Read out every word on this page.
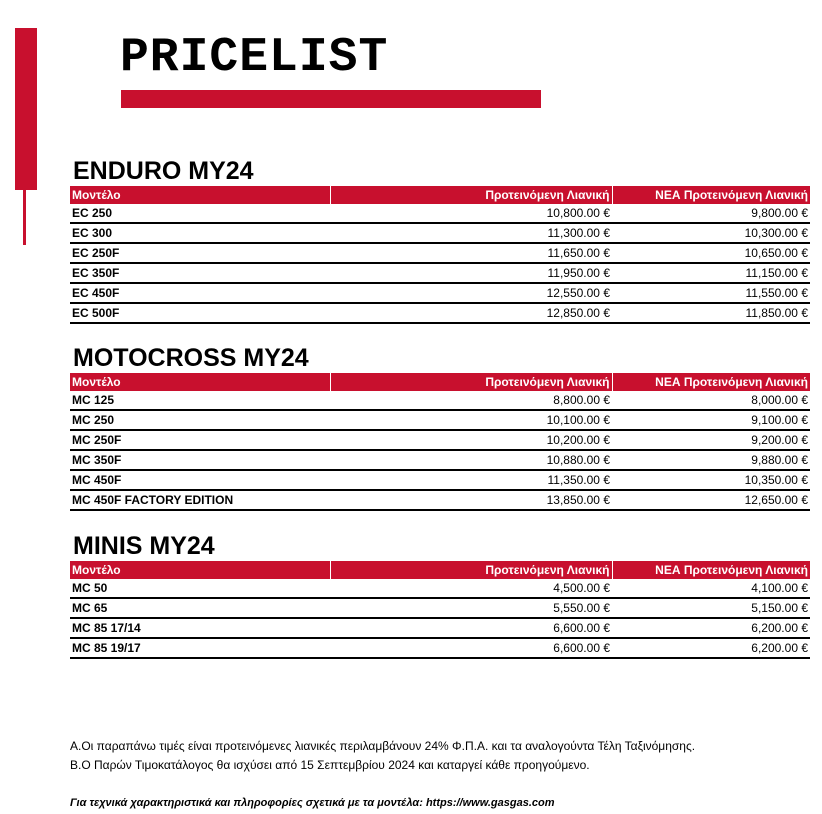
PRICELIST
ENDURO MY24
Μοντέλο	Προτεινόμενη Λιανική	ΝΕΑ Προτεινόμενη Λιανική
EC 250	10,800.00 €	9,800.00 €
EC 300	11,300.00 €	10,300.00 €
EC 250F	11,650.00 €	10,650.00 €
EC 350F	11,950.00 €	11,150.00 €
EC 450F	12,550.00 €	11,550.00 €
EC 500F	12,850.00 €	11,850.00 €
MOTOCROSS MY24
Μοντέλο	Προτεινόμενη Λιανική	ΝΕΑ Προτεινόμενη Λιανική
MC 125	8,800.00 €	8,000.00 €
MC 250	10,100.00 €	9,100.00 €
MC 250F	10,200.00 €	9,200.00 €
MC 350F	10,880.00 €	9,880.00 €
MC 450F	11,350.00 €	10,350.00 €
MC 450F FACTORY EDITION	13,850.00 €	12,650.00 €
MINIS MY24
Μοντέλο	Προτεινόμενη Λιανική	ΝΕΑ Προτεινόμενη Λιανική
MC 50	4,500.00 €	4,100.00 €
MC 65	5,550.00 €	5,150.00 €
MC 85 17/14	6,600.00 €	6,200.00 €
MC 85 19/17	6,600.00 €	6,200.00 €

Α.Οι παραπάνω τιμές είναι προτεινόμενες λιανικές περιλαμβάνουν 24% Φ.Π.Α. και τα αναλογούντα Τέλη Ταξινόμησης.

Β.Ο Παρών Τιμοκατάλογος θα ισχύσει από 15 Σεπτεμβρίου 2024 και καταργεί κάθε προηγούμενο.

Για τεχνικά χαρακτηριστικά και πληροφορίες σχετικά με τα μοντέλα: https://www.gasgas.com
